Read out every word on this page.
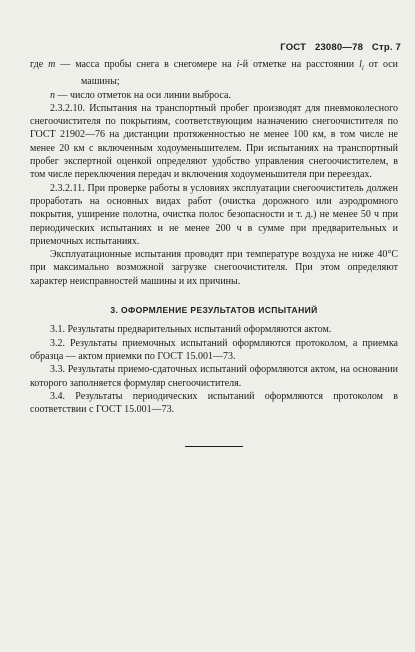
ГОСТ 23080—78 Стр. 7

где m — масса пробы снега в снегомере на i-й отметке на расстоянии $l_i$ от оси машины;

n — число отметок на оси линии выброса.

2.3.2.10. Испытания на транспортный пробег производят для пневмоколесного снегоочистителя по покрытиям, соответствующим назначению снегоочистителя по ГОСТ 21902—76 на дистанции протяженностью не менее 100 км, в том числе не менее 20 км с включенным ходоуменьшителем. При испытаниях на транспортный пробег экспертной оценкой определяют удобство управления снегоочистителем, в том числе переключения передач и включения ходоуменьшителя при переездах.

2.3.2.11. При проверке работы в условиях эксплуатации снегоочиститель должен проработать на основных видах работ (очистка дорожного или аэродромного покрытия, уширение полотна, очистка полос безопасности и т. д.) не менее 50 ч при периодических испытаниях и не менее 200 ч в сумме при предварительных и приемочных испытаниях.

Эксплуатационные испытания проводят при температуре воздуха не ниже 40°С при максимально возможной загрузке снегоочистителя. При этом определяют характер неисправностей машины и их причины.

3. ОФОРМЛЕНИЕ РЕЗУЛЬТАТОВ ИСПЫТАНИЙ

3.1. Результаты предварительных испытаний оформляются актом.

3.2. Результаты приемочных испытаний оформляются протоколом, а приемка образца — актом приемки по ГОСТ 15.001—73.

3.3. Результаты приемо-сдаточных испытаний оформляются актом, на основании которого заполняется формуляр снегоочистителя.

3.4. Результаты периодических испытаний оформляются протоколом в соответствии с ГОСТ 15.001—73.
